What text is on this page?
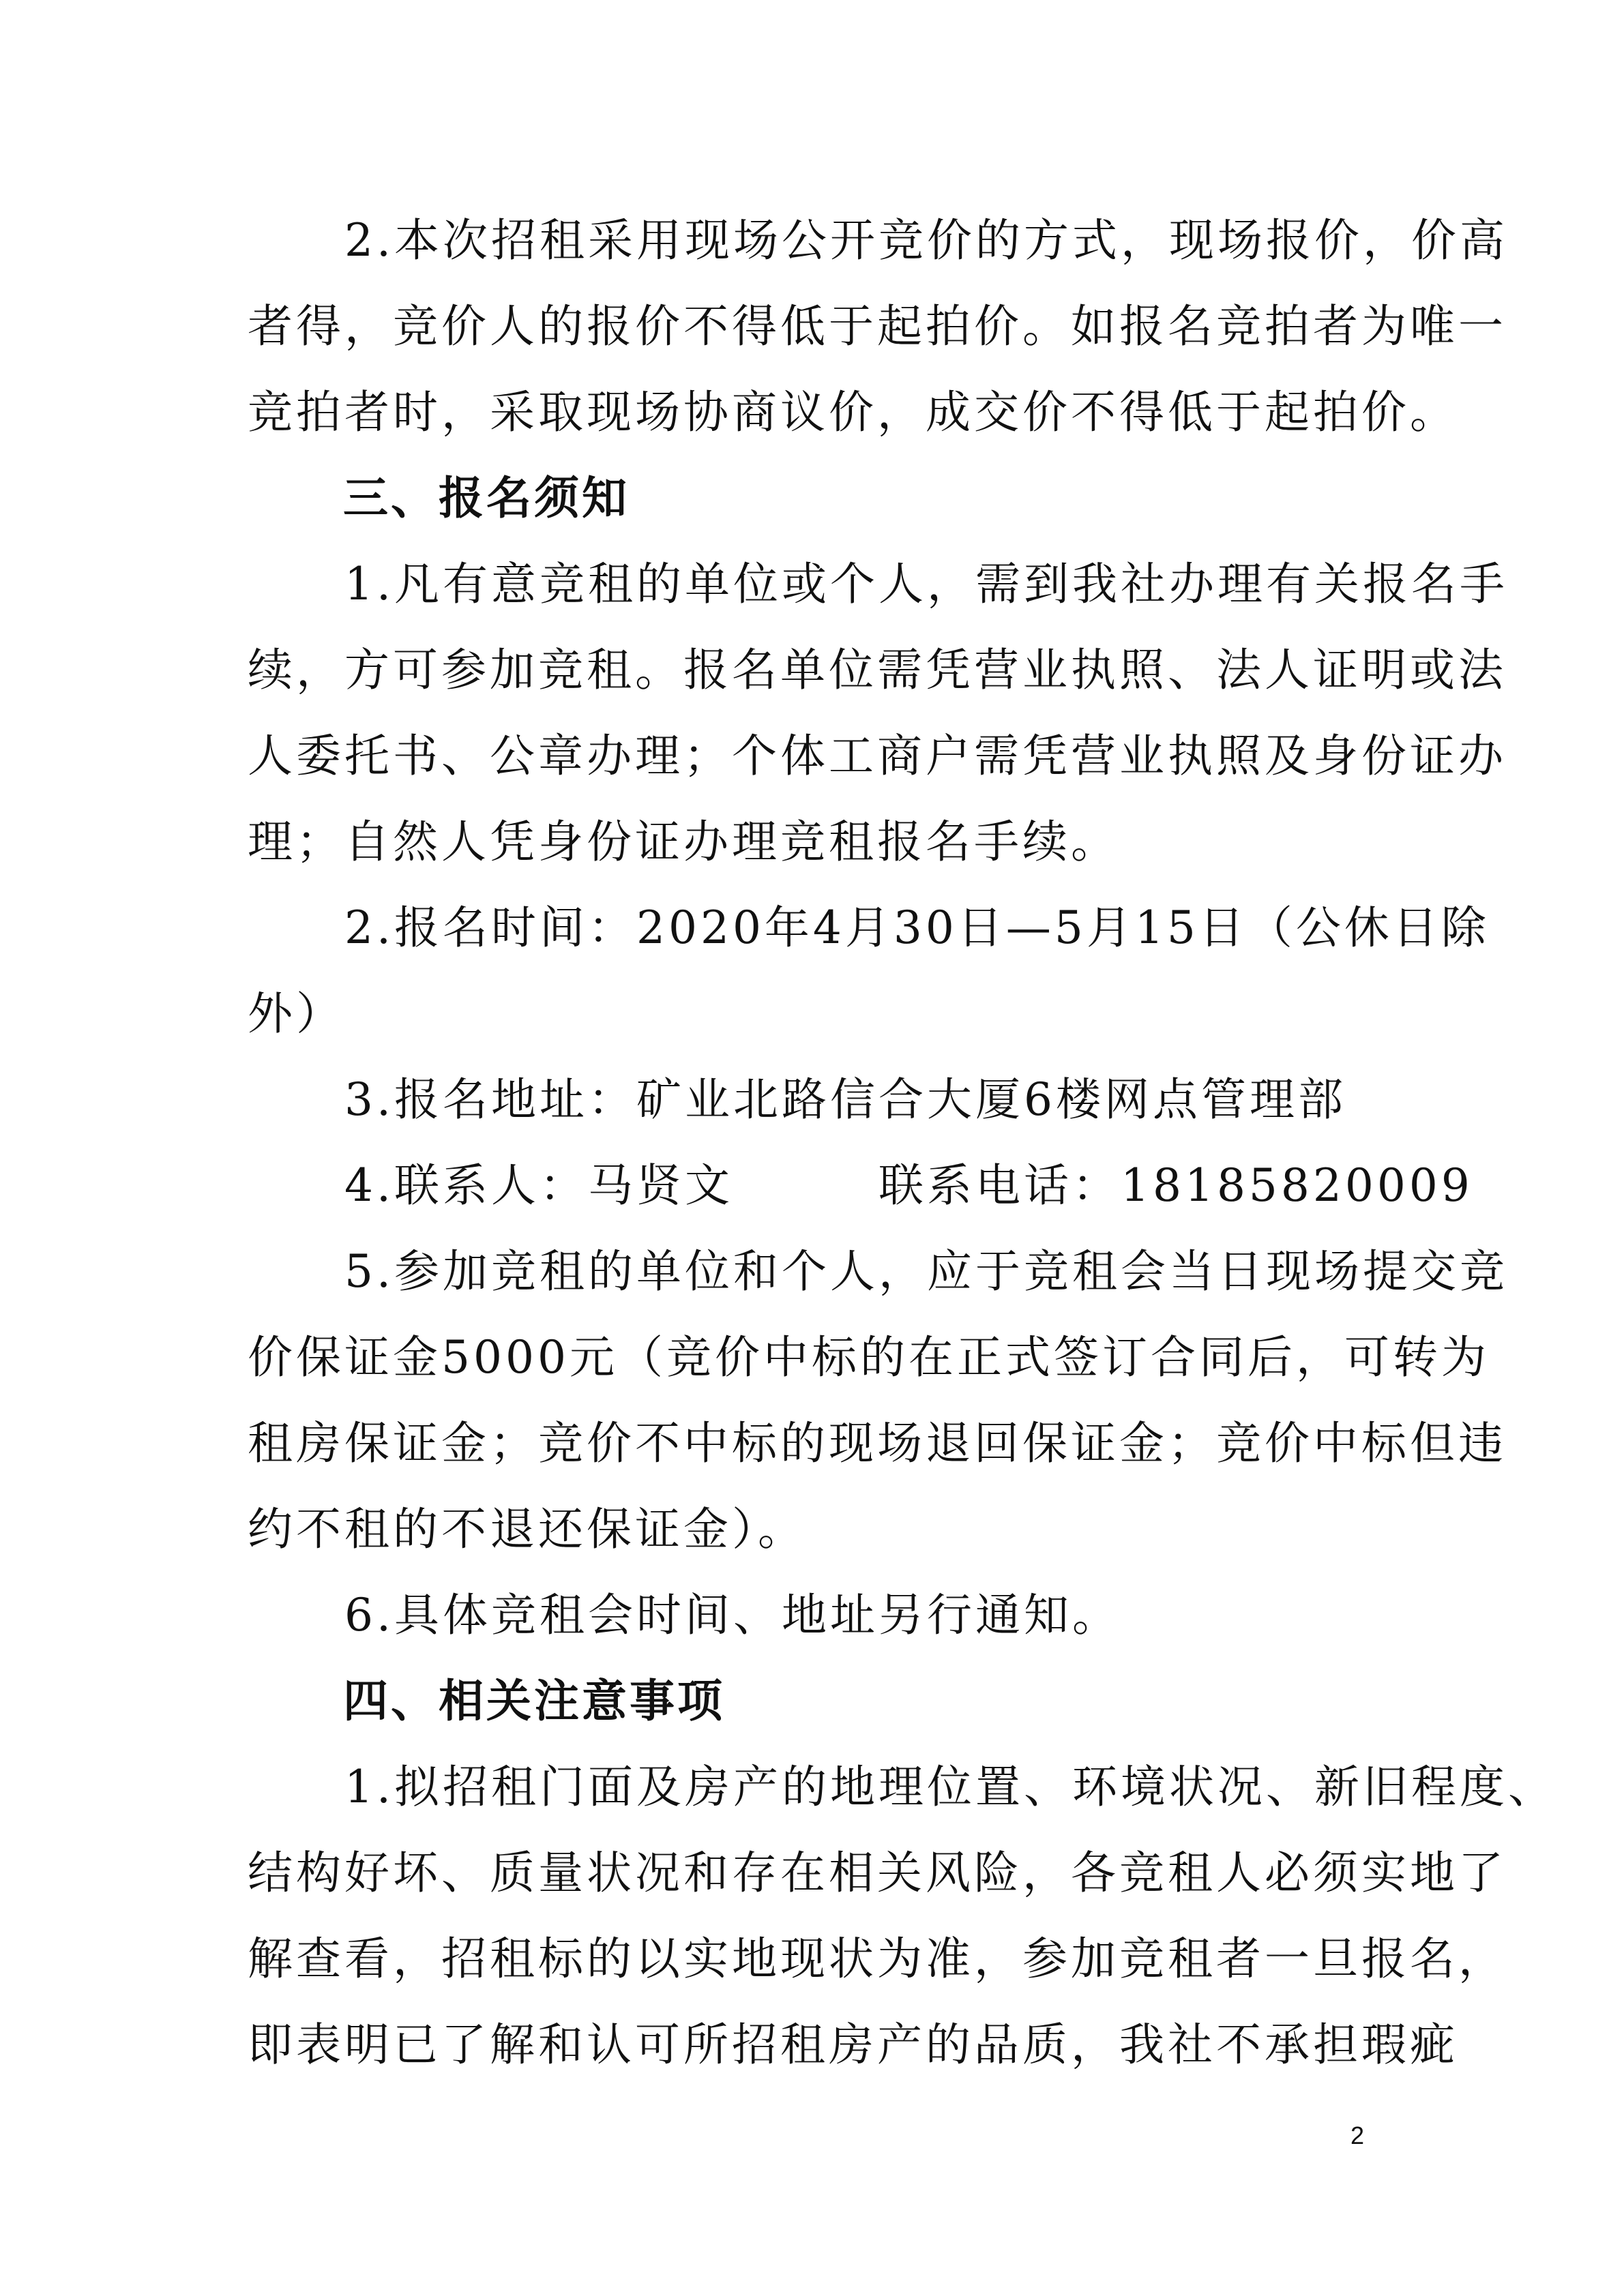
　　2.本次招租采用现场公开竞价的方式，现场报价，价高

者得，竞价人的报价不得低于起拍价。如报名竞拍者为唯一

竞拍者时，采取现场协商议价，成交价不得低于起拍价。

　　三、报名须知

　　1.凡有意竞租的单位或个人，需到我社办理有关报名手

续，方可参加竞租。报名单位需凭营业执照、法人证明或法

人委托书、公章办理；个体工商户需凭营业执照及身份证办

理；自然人凭身份证办理竞租报名手续。

　　2.报名时间：2020年4月30日—5月15日（公休日除

外）

　　3.报名地址：矿业北路信合大厦6楼网点管理部

　　4.联系人：马贤文　　　联系电话：18185820009

　　5.参加竞租的单位和个人，应于竞租会当日现场提交竞

价保证金5000元（竞价中标的在正式签订合同后，可转为

租房保证金；竞价不中标的现场退回保证金；竞价中标但违

约不租的不退还保证金）。

　　6.具体竞租会时间、地址另行通知。

　　四、相关注意事项

　　1.拟招租门面及房产的地理位置、环境状况、新旧程度、

结构好坏、质量状况和存在相关风险，各竞租人必须实地了

解查看，招租标的以实地现状为准，参加竞租者一旦报名，

即表明已了解和认可所招租房产的品质，我社不承担瑕疵

2
